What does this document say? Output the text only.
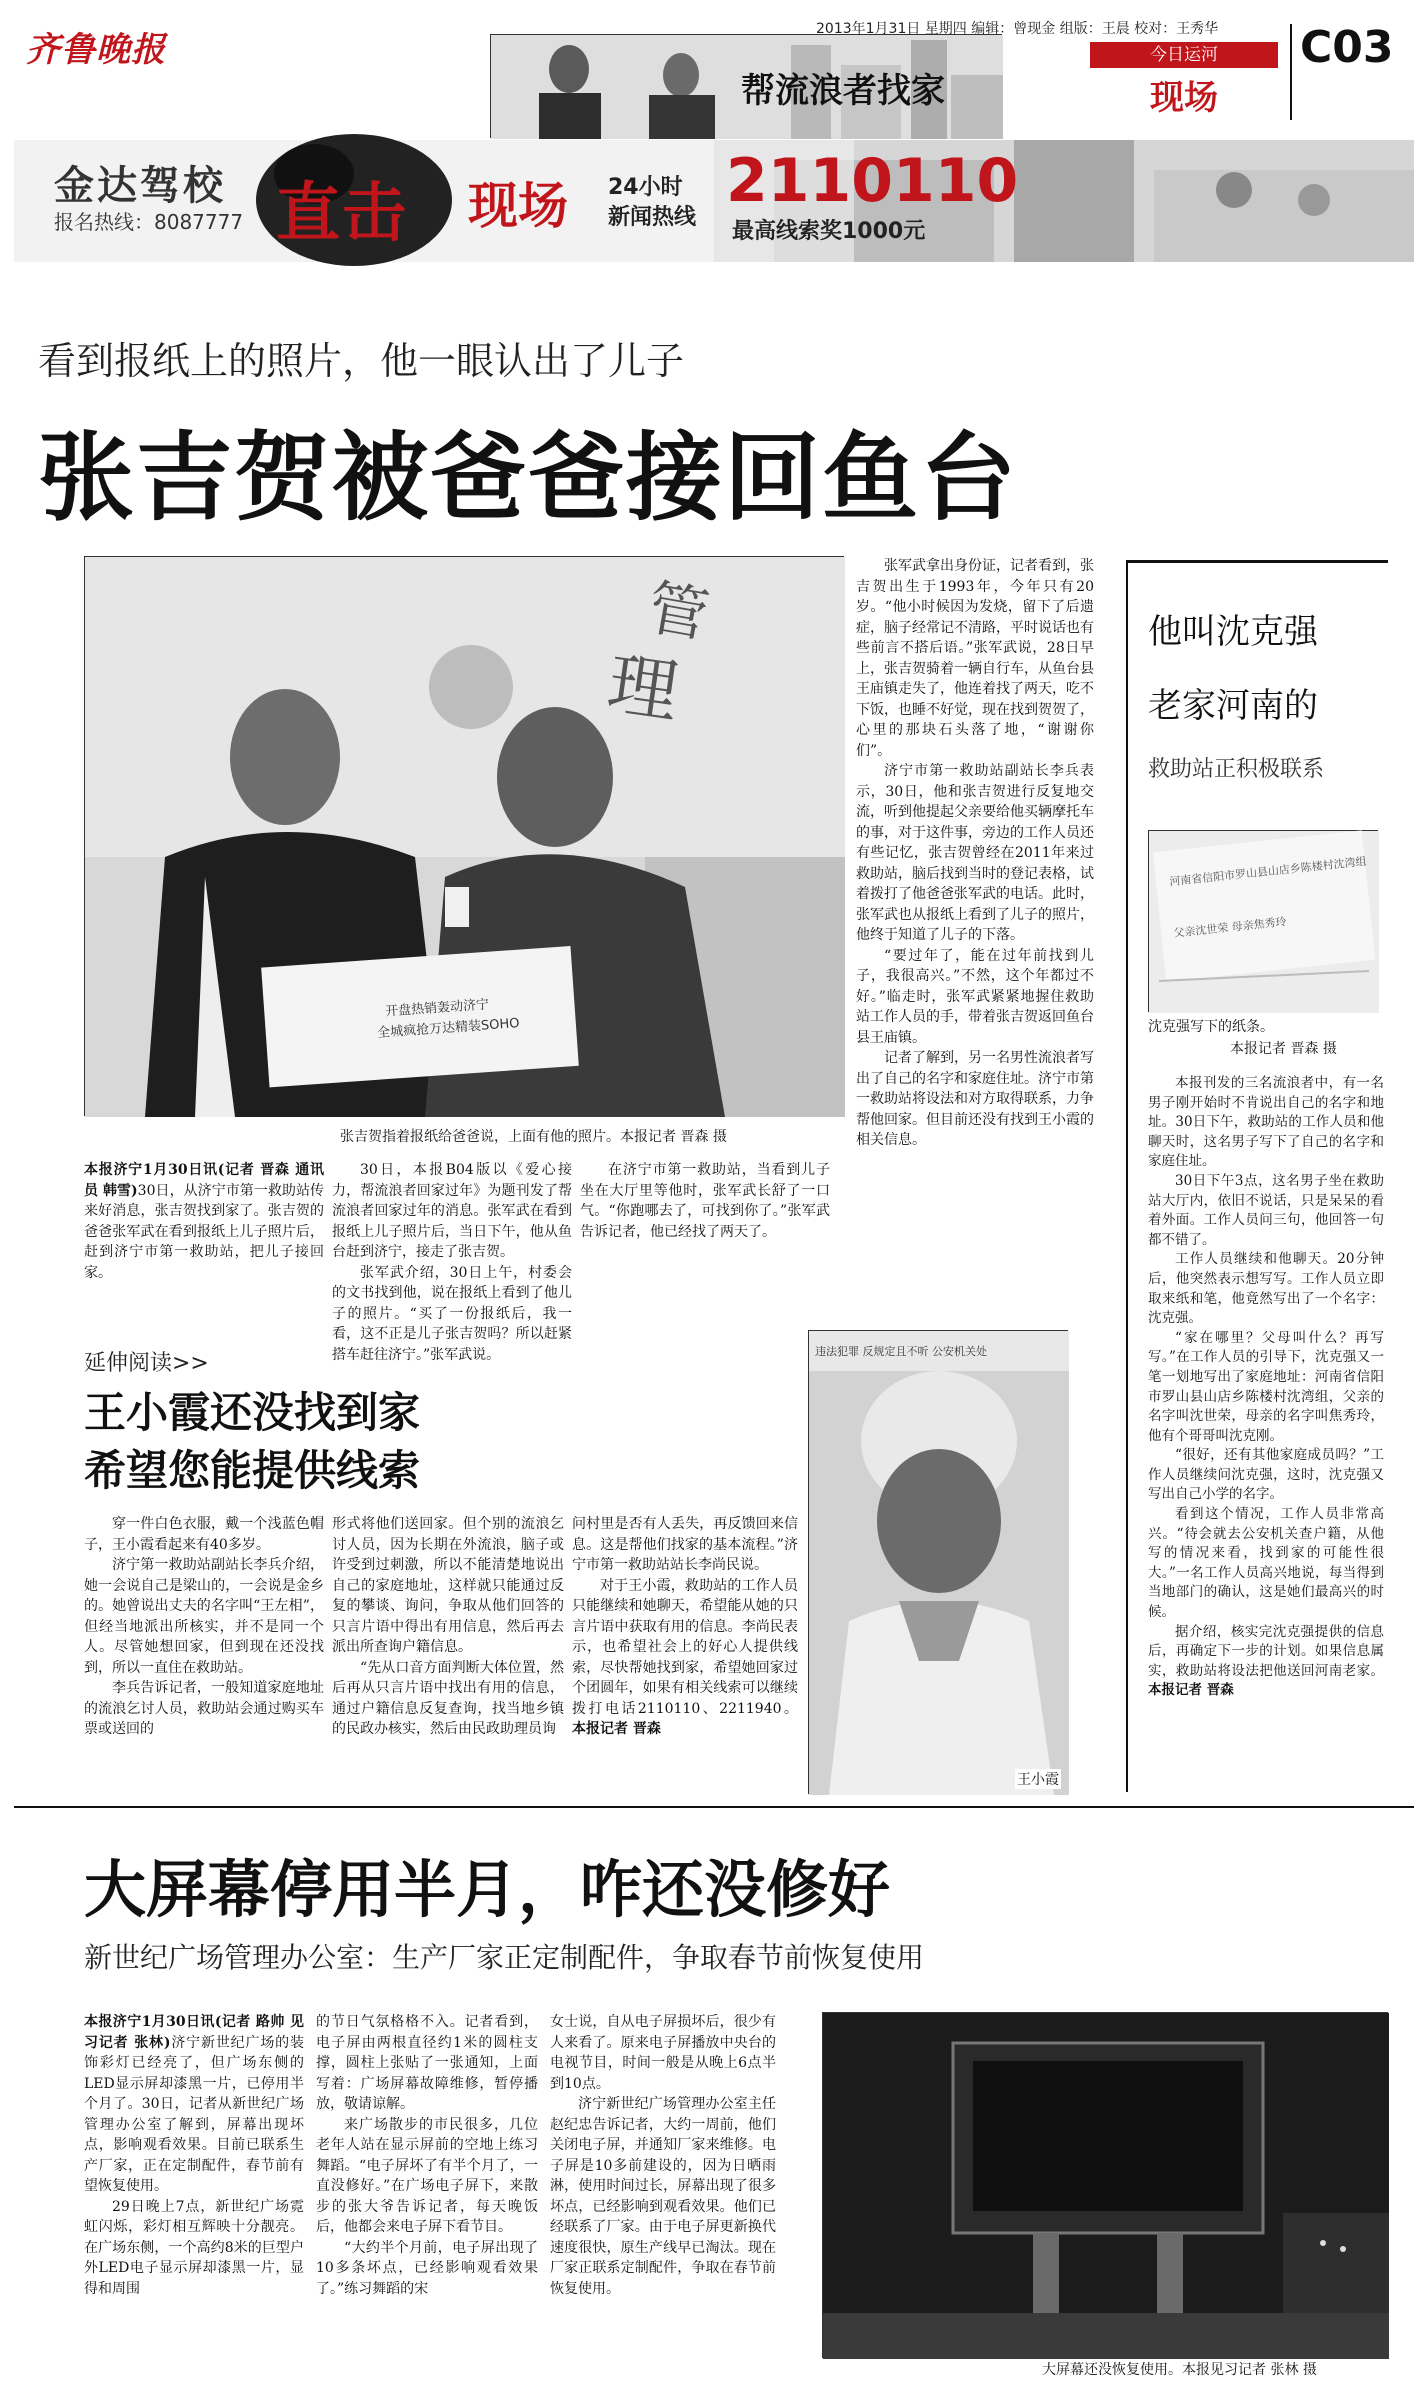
齐鲁晚报
帮流浪者找家
2013年1月31日 星期四 编辑：曾现金 组版：王晨 校对：王秀华
今日运河
现场
C03
金达驾校
报名热线：8087777 直击 现场 24小时
新闻热线
2110110
最高线索奖1000元
看到报纸上的照片，他一眼认出了儿子
张吉贺被爸爸接回鱼台
理
管
开盘热销轰动济宁
全城疯抢万达精装SOHO
张吉贺指着报纸给爸爸说，上面有他的照片。本报记者 晋森 摄

本报济宁1月30日讯(记者 晋森 通讯员 韩雪)30日，从济宁市第一救助站传来好消息，张吉贺找到家了。张吉贺的爸爸张军武在看到报纸上儿子照片后，赶到济宁市第一救助站，把儿子接回家。

30日，本报B04版以《爱心接力，帮流浪者回家过年》为题刊发了帮流浪者回家过年的消息。张军武在看到报纸上儿子照片后，当日下午，他从鱼台赶到济宁，接走了张吉贺。

张军武介绍，30日上午，村委会的文书找到他，说在报纸上看到了他儿子的照片。“买了一份报纸后，我一看，这不正是儿子张吉贺吗？所以赶紧搭车赶往济宁。”张军武说。

在济宁市第一救助站，当看到儿子坐在大厅里等他时，张军武长舒了一口气。“你跑哪去了，可找到你了。”张军武告诉记者，他已经找了两天了。

张军武拿出身份证，记者看到，张吉贺出生于1993年，今年只有20岁。“他小时候因为发烧，留下了后遗症，脑子经常记不清路，平时说话也有些前言不搭后语。”张军武说，28日早上，张吉贺骑着一辆自行车，从鱼台县王庙镇走失了，他连着找了两天，吃不下饭，也睡不好觉，现在找到贺贺了，心里的那块石头落了地，“谢谢你们”。

济宁市第一救助站副站长李兵表示，30日，他和张吉贺进行反复地交流，听到他提起父亲要给他买辆摩托车的事，对于这件事，旁边的工作人员还有些记忆，张吉贺曾经在2011年来过救助站，脑后找到当时的登记表格，试着拨打了他爸爸张军武的电话。此时，张军武也从报纸上看到了儿子的照片，他终于知道了儿子的下落。

“要过年了，能在过年前找到儿子，我很高兴。”不然，这个年都过不好。”临走时，张军武紧紧地握住救助站工作人员的手，带着张吉贺返回鱼台县王庙镇。

记者了解到，另一名男性流浪者写出了自己的名字和家庭住址。济宁市第一救助站将设法和对方取得联系，力争帮他回家。但目前还没有找到王小霞的相关信息。

他叫沈克强
老家河南的
救助站正积极联系
河南省信阳市罗山县山店乡陈楼村沈湾组
父亲沈世荣 母亲焦秀玲
沈克强写下的纸条。
本报记者 晋森 摄

本报刊发的三名流浪者中，有一名男子刚开始时不肯说出自己的名字和地址。30日下午，救助站的工作人员和他聊天时，这名男子写下了自己的名字和家庭住址。

30日下午3点，这名男子坐在救助站大厅内，依旧不说话，只是呆呆的看着外面。工作人员问三句，他回答一句都不错了。

工作人员继续和他聊天。20分钟后，他突然表示想写写。工作人员立即取来纸和笔，他竟然写出了一个名字：沈克强。

“家在哪里？父母叫什么？再写写。”在工作人员的引导下，沈克强又一笔一划地写出了家庭地址：河南省信阳市罗山县山店乡陈楼村沈湾组，父亲的名字叫沈世荣，母亲的名字叫焦秀玲，他有个哥哥叫沈克刚。

“很好，还有其他家庭成员吗？”工作人员继续问沈克强，这时，沈克强又写出自己小学的名字。

看到这个情况，工作人员非常高兴。“待会就去公安机关查户籍，从他写的情况来看，找到家的可能性很大。”一名工作人员高兴地说，每当得到当地部门的确认，这是她们最高兴的时候。

据介绍，核实完沈克强提供的信息后，再确定下一步的计划。如果信息属实，救助站将设法把他送回河南老家。 本报记者 晋森

延伸阅读>>
王小霞还没找到家
希望您能提供线索
违法犯罪 反规定且不听 公安机关处
王小霞

穿一件白色衣服，戴一个浅蓝色帽子，王小霞看起来有40多岁。

济宁第一救助站副站长李兵介绍，她一会说自己是梁山的，一会说是金乡的。她曾说出丈夫的名字叫“王左相”，但经当地派出所核实，并不是同一个人。尽管她想回家，但到现在还没找到，所以一直住在救助站。

李兵告诉记者，一般知道家庭地址的流浪乞讨人员，救助站会通过购买车票或送回的

形式将他们送回家。但个别的流浪乞讨人员，因为长期在外流浪，脑子或许受到过刺激，所以不能清楚地说出自己的家庭地址，这样就只能通过反复的攀谈、询问，争取从他们回答的只言片语中得出有用信息，然后再去派出所查询户籍信息。

“先从口音方面判断大体位置，然后再从只言片语中找出有用的信息，通过户籍信息反复查询，找当地乡镇的民政办核实，然后由民政助理员询

问村里是否有人丢失，再反馈回来信息。这是帮他们找家的基本流程。”济宁市第一救助站站长李尚民说。

对于王小霞，救助站的工作人员只能继续和她聊天，希望能从她的只言片语中获取有用的信息。李尚民表示，也希望社会上的好心人提供线索，尽快帮她找到家，希望她回家过个团圆年，如果有相关线索可以继续拨打电话2110110、2211940。 本报记者 晋森

大屏幕停用半月，咋还没修好
新世纪广场管理办公室：生产厂家正定制配件，争取春节前恢复使用

本报济宁1月30日讯(记者 路帅 见习记者 张林)济宁新世纪广场的装饰彩灯已经亮了，但广场东侧的LED显示屏却漆黑一片，已停用半个月了。30日，记者从新世纪广场管理办公室了解到，屏幕出现坏点，影响观看效果。目前已联系生产厂家，正在定制配件，春节前有望恢复使用。

29日晚上7点，新世纪广场霓虹闪烁，彩灯相互辉映十分靓亮。在广场东侧，一个高约8米的巨型户外LED电子显示屏却漆黑一片，显得和周围

的节日气氛格格不入。记者看到，电子屏由两根直径约1米的圆柱支撑，圆柱上张贴了一张通知，上面写着：广场屏幕故障维修，暂停播放，敬请谅解。

来广场散步的市民很多，几位老年人站在显示屏前的空地上练习舞蹈。“电子屏坏了有半个月了，一直没修好。”在广场电子屏下，来散步的张大爷告诉记者，每天晚饭后，他都会来电子屏下看节目。

“大约半个月前，电子屏出现了10多条坏点，已经影响观看效果了。”练习舞蹈的宋

女士说，自从电子屏损坏后，很少有人来看了。原来电子屏播放中央台的电视节目，时间一般是从晚上6点半到10点。

济宁新世纪广场管理办公室主任赵纪忠告诉记者，大约一周前，他们关闭电子屏，并通知厂家来维修。电子屏是10多前建设的，因为日晒雨淋，使用时间过长，屏幕出现了很多坏点，已经影响到观看效果。他们已经联系了厂家。由于电子屏更新换代速度很快，原生产线早已淘汰。现在厂家正联系定制配件，争取在春节前恢复使用。

大屏幕还没恢复使用。本报见习记者 张林 摄
